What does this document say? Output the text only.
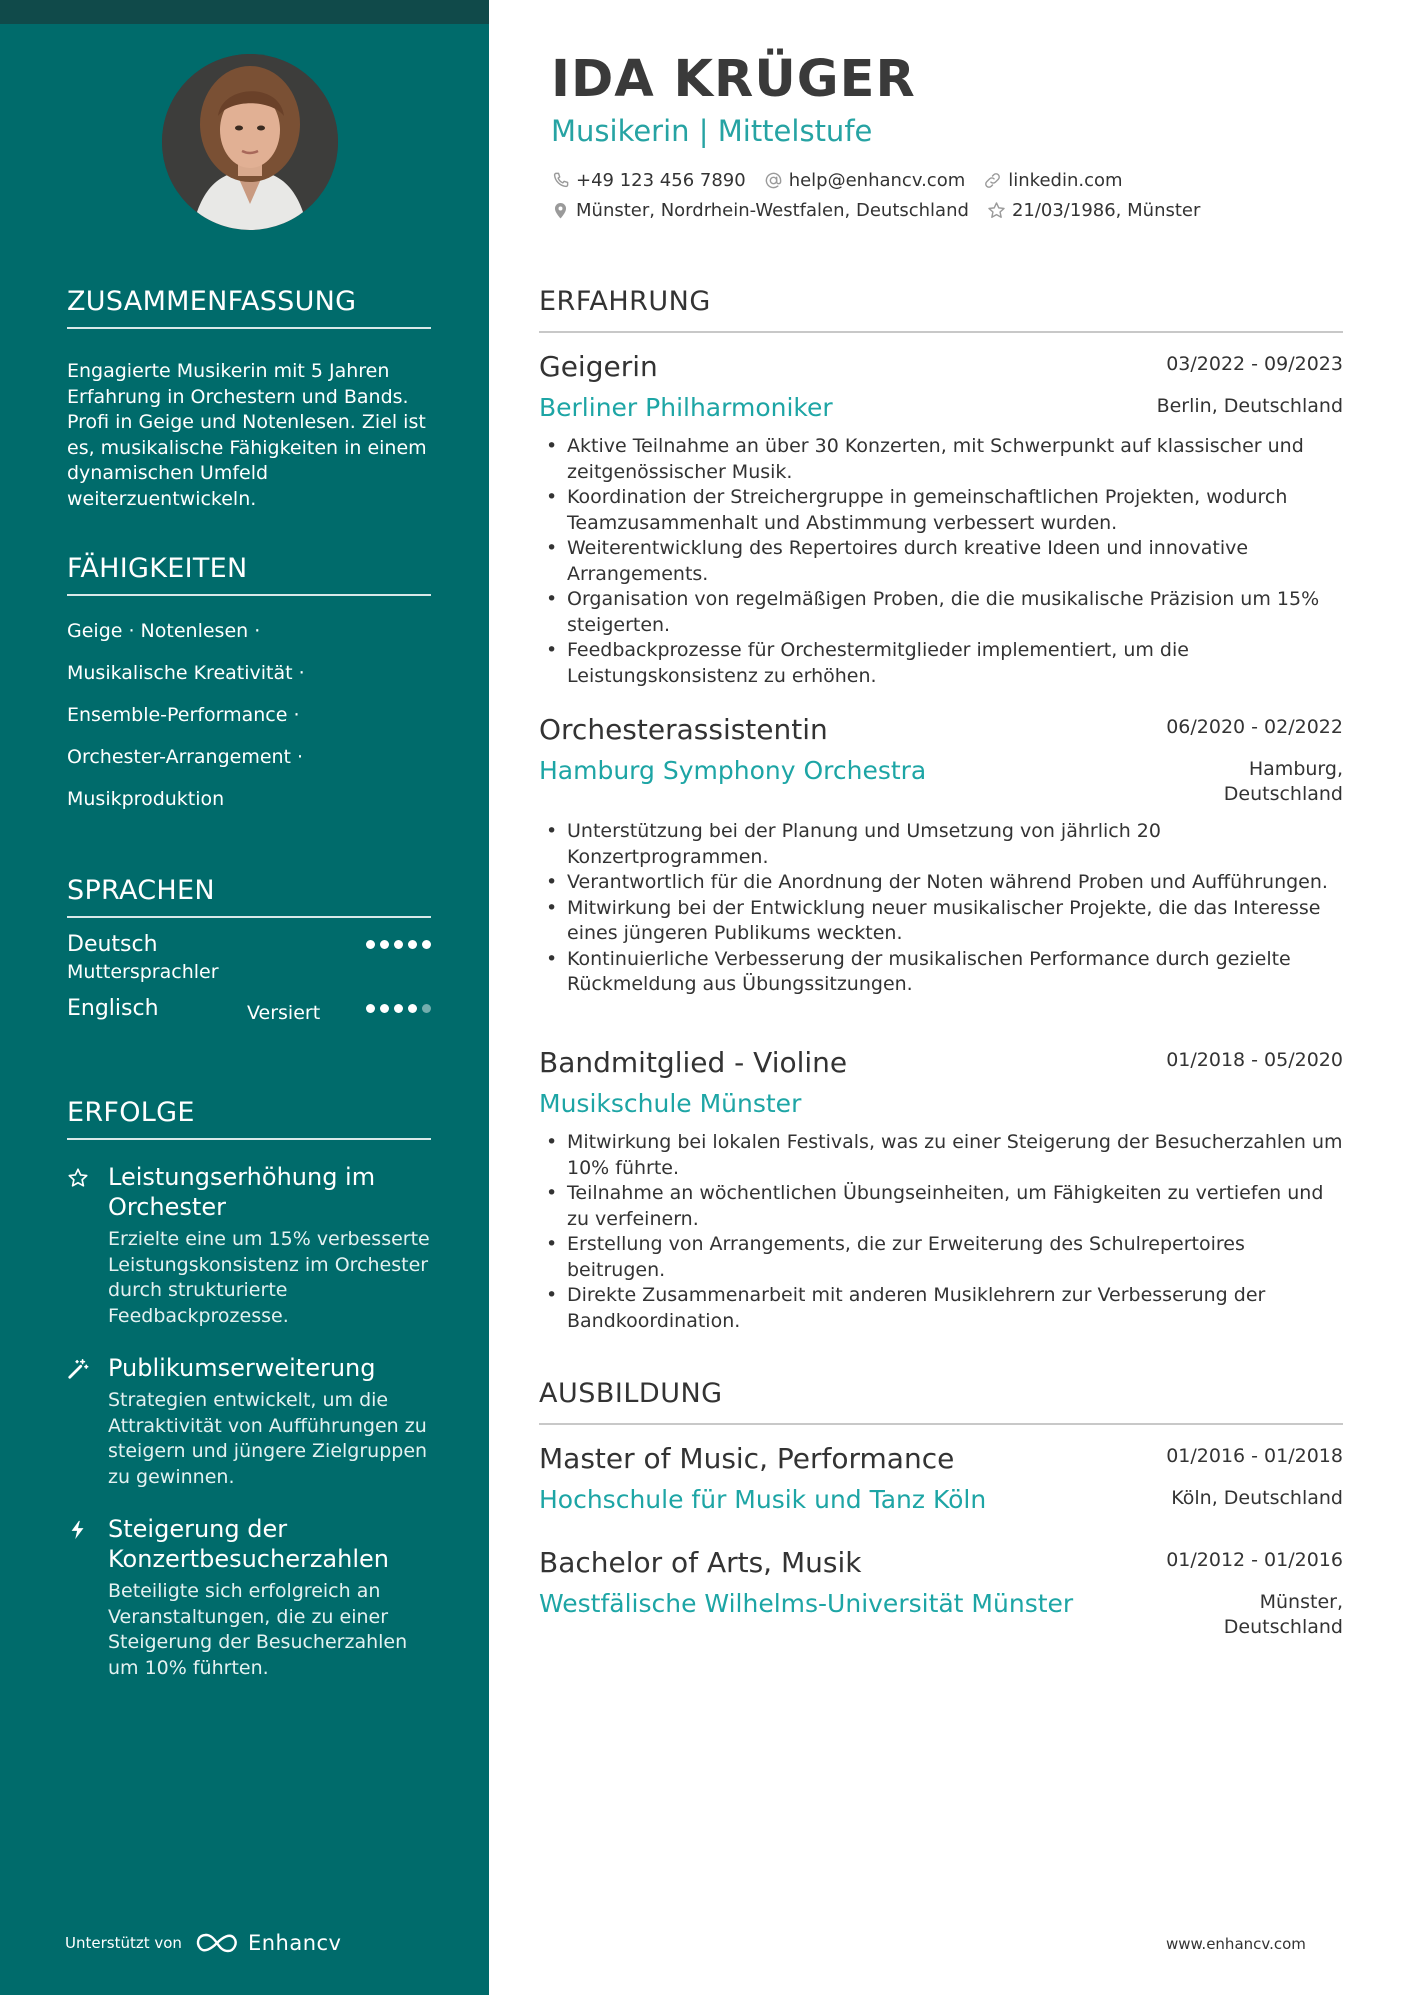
ZUSAMMENFASSUNG

Engagierte Musikerin mit 5 Jahren Erfahrung in Orchestern und Bands. Profi in Geige und Notenlesen. Ziel ist es, musikalische Fähigkeiten in einem dynamischen Umfeld weiterzuentwickeln.

FÄHIGKEITEN
Geige · Notenlesen ·
Musikalische Kreativität ·
Ensemble-Performance ·
Orchester-Arrangement ·
Musikproduktion
SPRACHEN
Deutsch
Muttersprachler
Englisch	Versiert
ERFOLGE
Leistungserhöhung im Orchester
Erzielte eine um 15% verbesserte Leistungskonsistenz im Orchester durch strukturierte Feedbackprozesse.
Publikumserweiterung
Strategien entwickelt, um die Attraktivität von Aufführungen zu steigern und jüngere Zielgruppen zu gewinnen.
Steigerung der Konzertbesucherzahlen
Beteiligte sich erfolgreich an Veranstaltungen, die zu einer Steigerung der Besucherzahlen um 10% führten.
Unterstützt von	Enhancv
IDA KRÜGER
Musikerin | Mittelstufe
+49 123 456 7890 help@enhancv.com linkedin.com
Münster, Nordrhein-Westfalen, Deutschland 21/03/1986, Münster
ERFAHRUNG
Geigerin	03/2022 - 09/2023
Berliner Philharmoniker	Berlin, Deutschland
• Aktive Teilnahme an über 30 Konzerten, mit Schwerpunkt auf klassischer und zeitgenössischer Musik.
• Koordination der Streichergruppe in gemeinschaftlichen Projekten, wodurch Teamzusammenhalt und Abstimmung verbessert wurden.
• Weiterentwicklung des Repertoires durch kreative Ideen und innovative Arrangements.
• Organisation von regelmäßigen Proben, die die musikalische Präzision um 15% steigerten.
• Feedbackprozesse für Orchestermitglieder implementiert, um die Leistungskonsistenz zu erhöhen.
Orchesterassistentin	06/2020 - 02/2022
Hamburg Symphony Orchestra	Hamburg,
Deutschland
• Unterstützung bei der Planung und Umsetzung von jährlich 20 Konzertprogrammen.
• Verantwortlich für die Anordnung der Noten während Proben und Aufführungen.
• Mitwirkung bei der Entwicklung neuer musikalischer Projekte, die das Interesse eines jüngeren Publikums weckten.
• Kontinuierliche Verbesserung der musikalischen Performance durch gezielte Rückmeldung aus Übungssitzungen.
Bandmitglied - Violine	01/2018 - 05/2020
Musikschule Münster
• Mitwirkung bei lokalen Festivals, was zu einer Steigerung der Besucherzahlen um 10% führte.
• Teilnahme an wöchentlichen Übungseinheiten, um Fähigkeiten zu vertiefen und zu verfeinern.
• Erstellung von Arrangements, die zur Erweiterung des Schulrepertoires beitrugen.
• Direkte Zusammenarbeit mit anderen Musiklehrern zur Verbesserung der Bandkoordination.
AUSBILDUNG
Master of Music, Performance	01/2016 - 01/2018
Hochschule für Musik und Tanz Köln	Köln, Deutschland
Bachelor of Arts, Musik	01/2012 - 01/2016
Westfälische Wilhelms-Universität Münster	Münster,
Deutschland
www.enhancv.com
